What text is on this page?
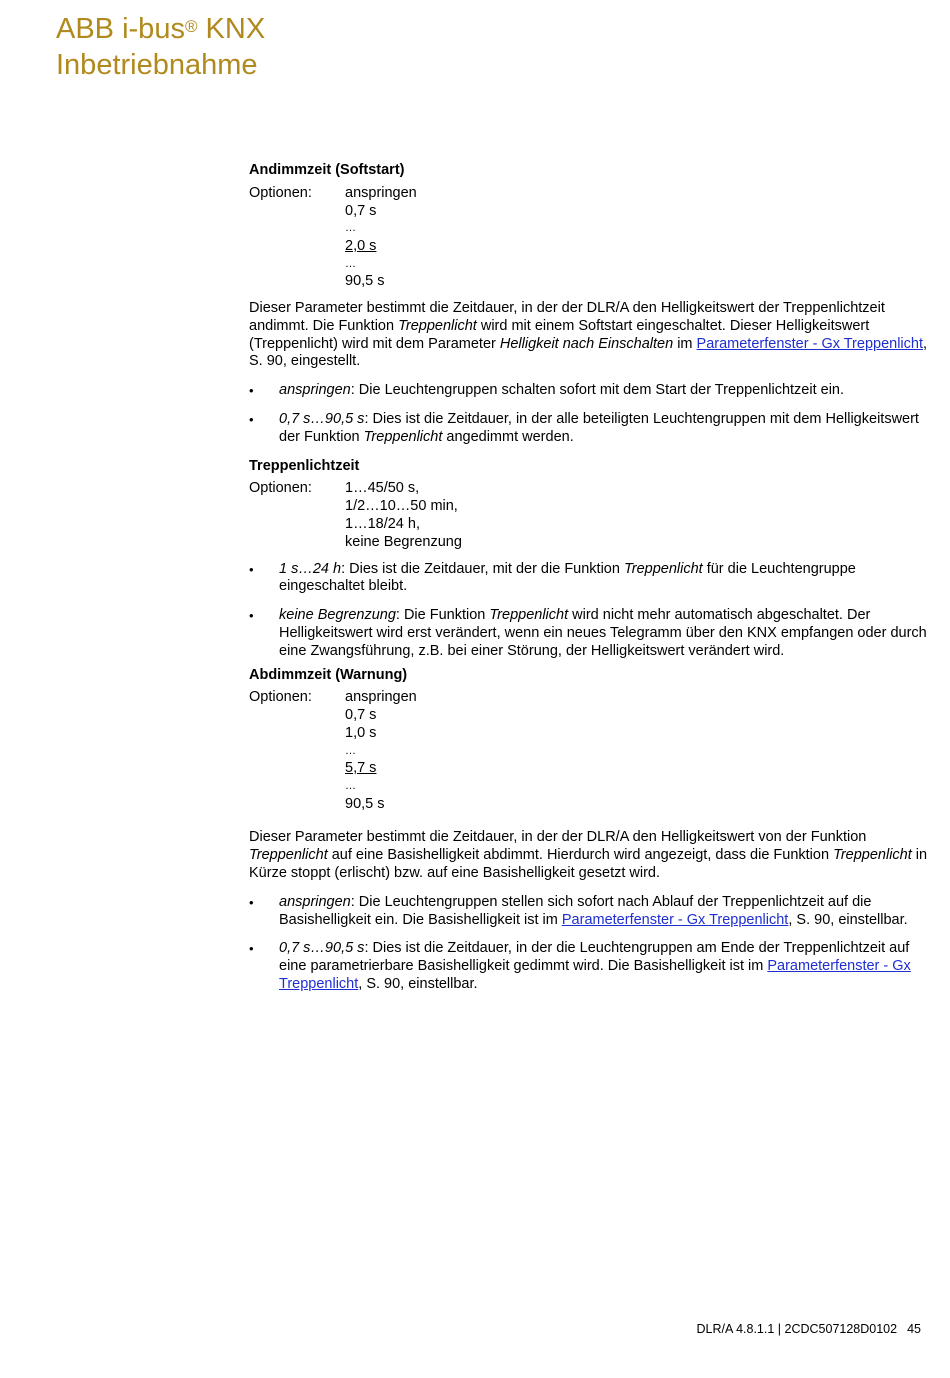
ABB i-bus® KNX
Inbetriebnahme
Andimmzeit (Softstart)
Optionen:	anspringen
0,7 s
…
2,0 s
…
90,5 s

Dieser Parameter bestimmt die Zeitdauer, in der der DLR/A den Helligkeitswert der Treppenlichtzeit andimmt. Die Funktion Treppenlicht wird mit einem Softstart eingeschaltet. Dieser Helligkeitswert (Treppenlicht) wird mit dem Parameter Helligkeit nach Einschalten im Parameterfenster - Gx Treppenlicht, S. 90, eingestellt.

•	anspringen: Die Leuchtengruppen schalten sofort mit dem Start der Treppenlichtzeit ein.
•	0,7 s…90,5 s: Dies ist die Zeitdauer, in der alle beteiligten Leuchtengruppen mit dem Helligkeitswert der Funktion Treppenlicht angedimmt werden.
Treppenlichtzeit
Optionen:	1…45/50 s,
1/2…10…50 min,
1…18/24 h,
keine Begrenzung
•	1 s…24 h: Dies ist die Zeitdauer, mit der die Funktion Treppenlicht für die Leuchtengruppe eingeschaltet bleibt.
•	keine Begrenzung: Die Funktion Treppenlicht wird nicht mehr automatisch abgeschaltet. Der Helligkeitswert wird erst verändert, wenn ein neues Telegramm über den KNX empfangen oder durch eine Zwangsführung, z.B. bei einer Störung, der Helligkeitswert verändert wird.
Abdimmzeit (Warnung)
Optionen:	anspringen
0,7 s
1,0 s
…
5,7 s
…
90,5 s

Dieser Parameter bestimmt die Zeitdauer, in der der DLR/A den Helligkeitswert von der Funktion Treppenlicht auf eine Basishelligkeit abdimmt. Hierdurch wird angezeigt, dass die Funktion Treppenlicht in Kürze stoppt (erlischt) bzw. auf eine Basishelligkeit gesetzt wird.

•	anspringen: Die Leuchtengruppen stellen sich sofort nach Ablauf der Treppenlichtzeit auf die Basishelligkeit ein. Die Basishelligkeit ist im Parameterfenster - Gx Treppenlicht, S. 90, einstellbar.
•	0,7 s…90,5 s: Dies ist die Zeitdauer, in der die Leuchtengruppen am Ende der Treppenlichtzeit auf eine parametrierbare Basishelligkeit gedimmt wird. Die Basishelligkeit ist im Parameterfenster - Gx Treppenlicht, S. 90, einstellbar.
DLR/A 4.8.1.1 | 2CDC507128D0102 45
